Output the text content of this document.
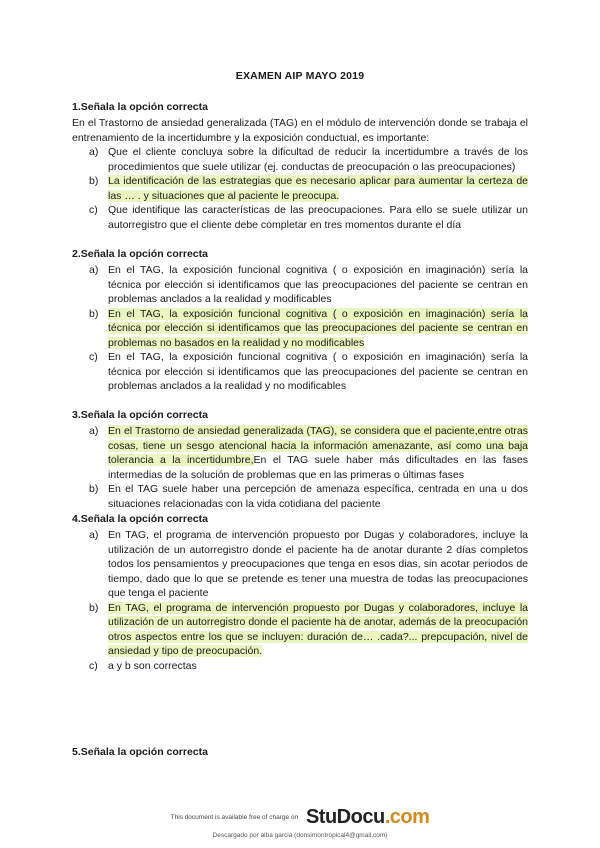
EXAMEN AIP MAYO 2019
1.Señala la opción correcta
En el Trastorno de ansiedad generalizada (TAG) en el módulo de intervención donde se trabaja el entrenamiento de la incertidumbre y la exposición conductual, es importante:
a) Que el cliente concluya sobre la dificultad de reducir la incertidumbre a través de los procedimientos que suele utilizar (ej. conductas de preocupación o las preocupaciones)
b) La identificación de las estrategias que es necesario aplicar para aumentar la certeza de las … . y situaciones que al paciente le preocupa.
c) Que identifique las características de las preocupaciones. Para ello se suele utilizar un autorregistro que el cliente debe completar en tres momentos durante el día
2.Señala la opción correcta
a) En el TAG, la exposición funcional cognitiva ( o exposición en imaginación) sería la técnica por elección si identificamos que las preocupaciones del paciente se centran en problemas anclados a la realidad y modificables
b) En el TAG, la exposición funcional cognitiva ( o exposición en imaginación) sería la técnica por elección si identificamos que las preocupaciones del paciente se centran en problemas no basados en la realidad y no modificables
c) En el TAG, la exposición funcional cognitiva ( o exposición en imaginación) sería la técnica por elección si identificamos que las preocupaciones del paciente se centran en problemas anclados a la realidad y no modificables
3.Señala la opción correcta
a) En el Trastorno de ansiedad generalizada (TAG), se considera que el paciente,entre otras cosas, tiene un sesgo atencional hacia la información amenazante, así como una baja tolerancia a la incertidumbre,En el TAG suele haber más dificultades en las fases intermedias de la solución de problemas que en las primeras o últimas fases
b) En el TAG suele haber una percepción de amenaza específica, centrada en una u dos situaciones relacionadas con la vida cotidiana del paciente
4.Señala la opción correcta
a) En TAG, el programa de intervención propuesto por Dugas y colaboradores, incluye la utilización de un autorregistro donde el paciente ha de anotar durante 2 días completos todos los pensamientos y preocupaciones que tenga en esos dias, sin acotar periodos de tiempo, dado que lo que se pretende es tener una muestra de todas las preocupaciones que tenga el paciente
b) En TAG, el programa de intervención propuesto por Dugas y colaboradores, incluye la utilización de un autorregistro donde el paciente ha de anotar, además de la preocupación otros aspectos entre los que se incluyen: duración de… .cada?... prepcupación, nivel de ansiedad y tipo de preocupación.
c) a y b son correctas
5.Señala la opción correcta
This document is available free of charge on StuDocu.com
Descargado por alba garcia (donsimontropical4@gmail.com)
